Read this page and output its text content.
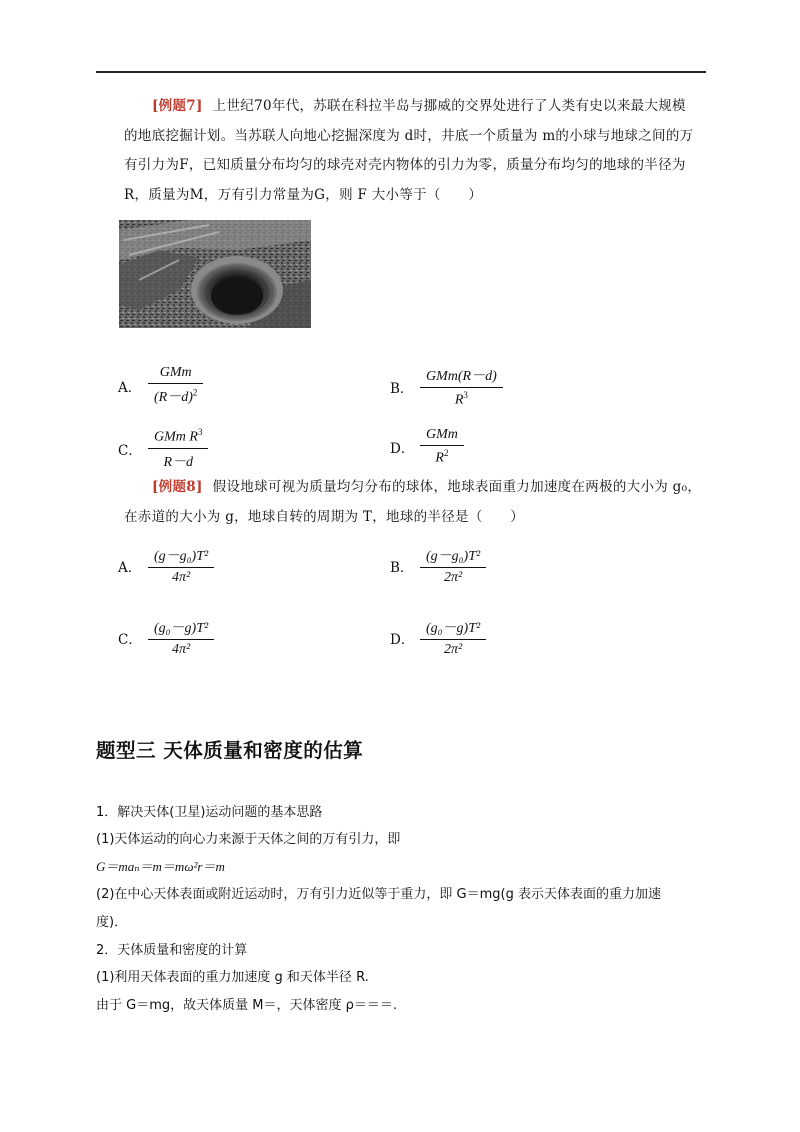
[例题7] 上世纪70年代，苏联在科拉半岛与挪威的交界处进行了人类有史以来最大规模
的地底挖掘计划。当苏联人向地心挖掘深度为 d时，井底一个质量为 m的小球与地球之间的万
有引力为F，已知质量分布均匀的球壳对壳内物体的引力为零，质量分布均匀的地球的半径为
R，质量为M，万有引力常量为G，则 F 大小等于（　　）
A． $\frac{\text{GMm}}{(R-d)^2}$	B． $\frac{\text{GMm(R－d)}}{R^3}$
C． $\frac{GMm R^3}{R-d}$	D． $\frac{\text{GMm}}{R^2}$
[例题8] 假设地球可视为质量均匀分布的球体，地球表面重力加速度在两极的大小为 g₀，
在赤道的大小为 g，地球自转的周期为 T，地球的半径是（　　）
A． $\frac{\text{(g－g₀)T²}}{\text{4π²}}$	B． $\frac{\text{(g－g₀)T²}}{\text{2π²}}$
C． $\frac{\text{(g₀－g)T²}}{\text{4π²}}$	D． $\frac{\text{(g₀－g)T²}}{\text{2π²}}$
题型三 天体质量和密度的估算
1．解决天体(卫星)运动问题的基本思路
(1)天体运动的向心力来源于天体之间的万有引力，即
G＝maₙ＝m＝mω²r＝m
(2)在中心天体表面或附近运动时，万有引力近似等于重力，即 G＝mg(g 表示天体表面的重力加速
度)．
2．天体质量和密度的计算
(1)利用天体表面的重力加速度 g 和天体半径 R.
由于 G＝mg，故天体质量 M＝，天体密度 ρ＝＝＝.
